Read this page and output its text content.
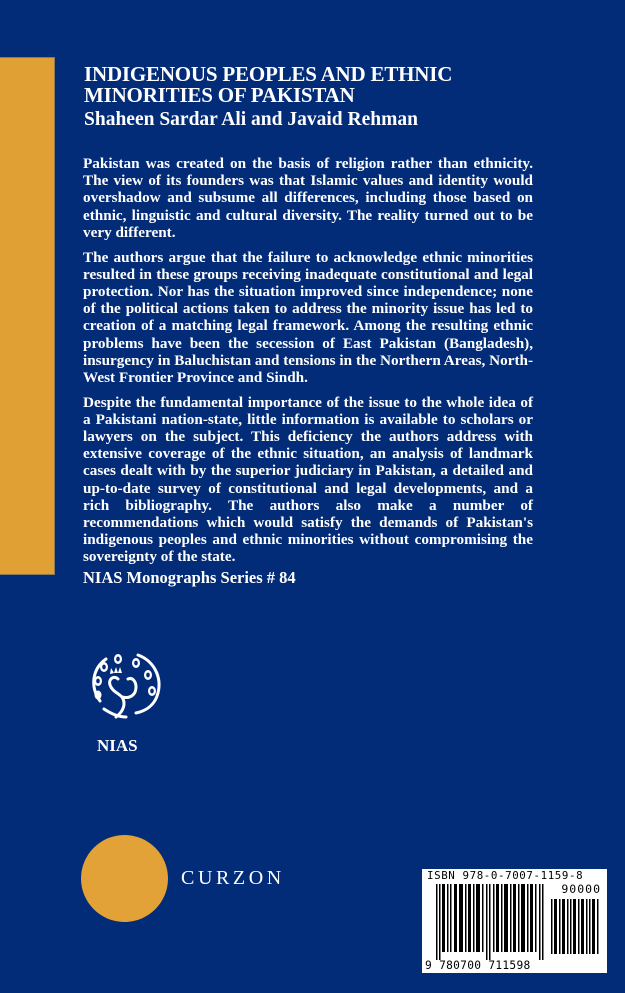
INDIGENOUS PEOPLES AND ETHNIC
MINORITIES OF PAKISTAN
Shaheen Sardar Ali and Javaid Rehman

Pakistan was created on the basis of religion rather than ethnicity. The view of its founders was that Islamic values and identity would overshadow and subsume all differences, including those based on ethnic, linguistic and cultural diversity. The reality turned out to be very different.

The authors argue that the failure to acknowledge ethnic minorities resulted in these groups receiving inadequate constitutional and legal protection. Nor has the situation improved since independence; none of the political actions taken to address the minority issue has led to creation of a matching legal framework. Among the resulting ethnic problems have been the secession of East Pakistan (Bangladesh), insurgency in Baluchistan and tensions in the Northern Areas, North-West Frontier Province and Sindh.

Despite the fundamental importance of the issue to the whole idea of a Pakistani nation-state, little information is available to scholars or lawyers on the subject. This deficiency the authors address with extensive coverage of the ethnic situation, an analysis of landmark cases dealt with by the superior judiciary in Pakistan, a detailed and up-to-date survey of constitutional and legal developments, and a rich bibliography. The authors also make a number of recommendations which would satisfy the demands of Pakistan's indigenous peoples and ethnic minorities without compromising the sovereignty of the state.

NIAS Monographs Series # 84
NIAS
CURZON	ISBN 978-0-7007-1159-8
90000
9 780700 711598
